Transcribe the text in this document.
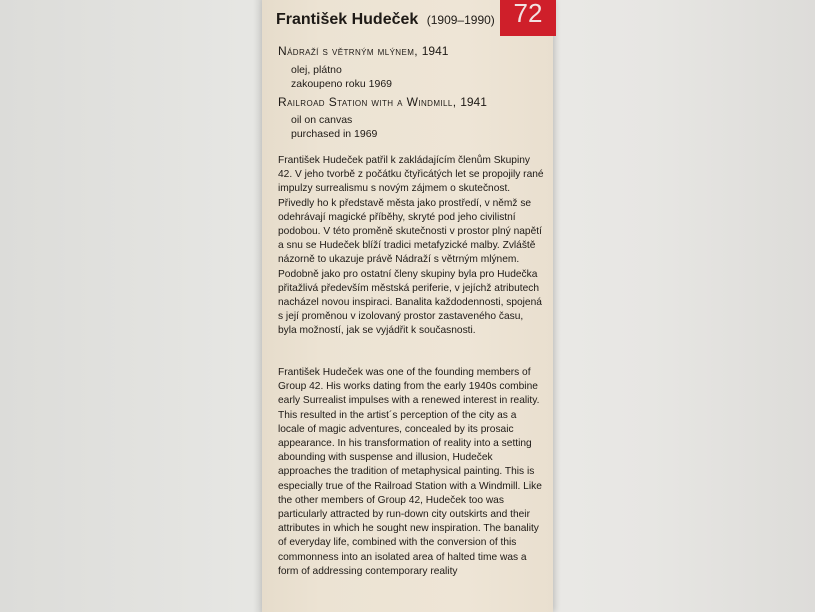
72
František Hudeček (1909–1990)
Nádraží s větrným mlýnem, 1941
olej, plátno
zakoupeno roku 1969
Railroad Station with a Windmill, 1941
oil on canvas
purchased in 1969

František Hudeček patřil k zakládajícím členům Skupiny 42. V jeho tvorbě z počátku čtyřicátých let se propojily rané impulzy surrealismu s novým zájmem o skutečnost. Přivedly ho k představě města jako prostředí, v němž se odehrávají magické příběhy, skryté pod jeho civilistní podobou. V této proměně skutečnosti v prostor plný napětí a snu se Hudeček blíží tradici metafyzické malby. Zvláště názorně to ukazuje právě Nádraží s větrným mlýnem. Podobně jako pro ostatní členy skupiny byla pro Hudečka přitažlivá především městská periferie, v jejíchž atributech nacházel novou inspiraci. Banalita každodennosti, spojená s její proměnou v izolovaný prostor zastaveného času, byla možností, jak se vyjádřit k současnosti.

František Hudeček was one of the founding members of Group 42. His works dating from the early 1940s combine early Surrealist impulses with a renewed interest in reality. This resulted in the artist´s perception of the city as a locale of magic adventures, concealed by its prosaic appearance. In his transformation of reality into a setting abounding with suspense and illusion, Hudeček approaches the tradition of metaphysical painting. This is especially true of the Railroad Station with a Windmill. Like the other members of Group 42, Hudeček too was particularly attracted by run-down city outskirts and their attributes in which he sought new inspiration. The banality of everyday life, combined with the conversion of this commonness into an isolated area of halted time was a form of addressing contemporary reality
